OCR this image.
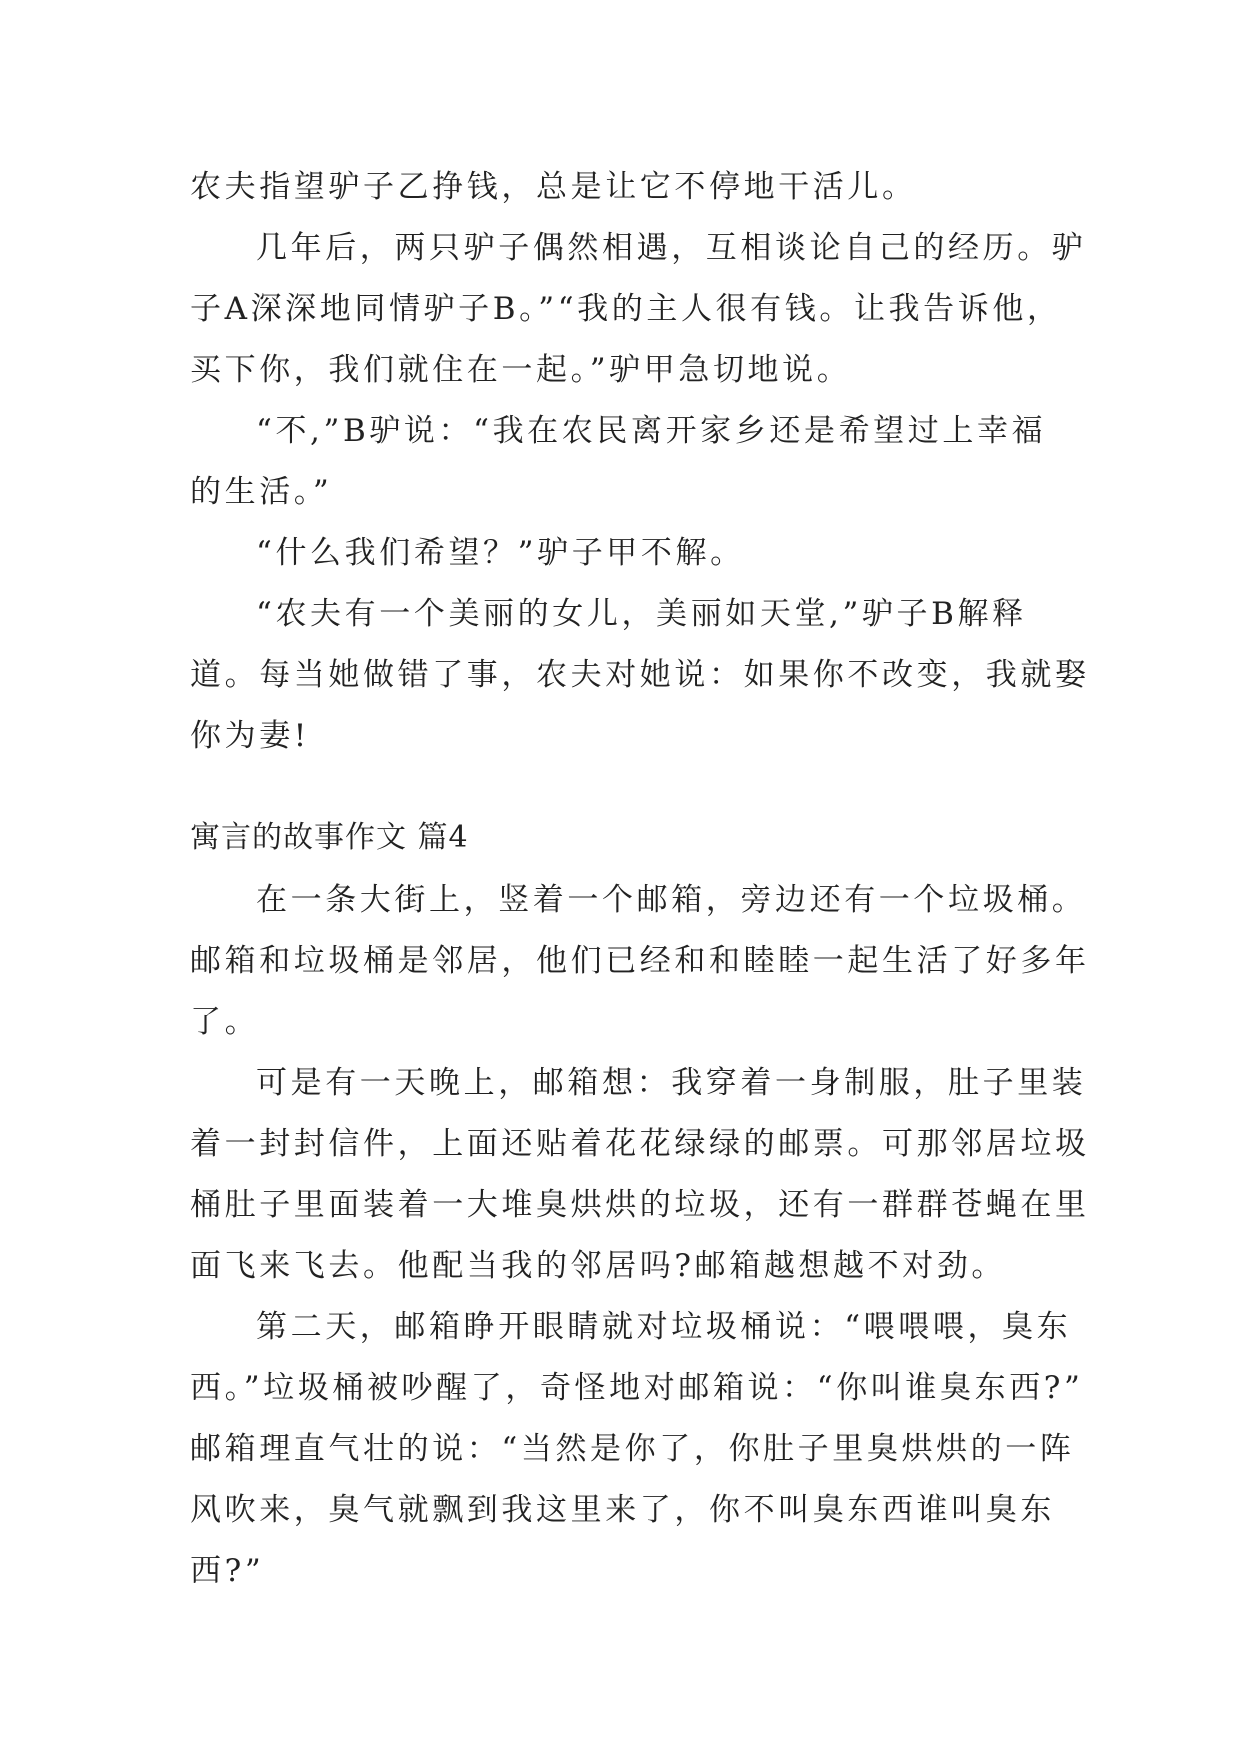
农夫指望驴子乙挣钱，总是让它不停地干活儿。
几年后，两只驴子偶然相遇，互相谈论自己的经历。驴
子A深深地同情驴子B。”“我的主人很有钱。让我告诉他，
买下你，我们就住在一起。”驴甲急切地说。
“不,”B驴说：“我在农民离开家乡还是希望过上幸福
的生活。”
“什么我们希望？”驴子甲不解。
“农夫有一个美丽的女儿，美丽如天堂,”驴子B解释
道。每当她做错了事，农夫对她说：如果你不改变，我就娶
你为妻!
寓言的故事作文 篇4
在一条大街上，竖着一个邮箱，旁边还有一个垃圾桶。
邮箱和垃圾桶是邻居，他们已经和和睦睦一起生活了好多年
了。
可是有一天晚上，邮箱想：我穿着一身制服，肚子里装
着一封封信件，上面还贴着花花绿绿的邮票。可那邻居垃圾
桶肚子里面装着一大堆臭烘烘的垃圾，还有一群群苍蝇在里
面飞来飞去。他配当我的邻居吗?邮箱越想越不对劲。
第二天，邮箱睁开眼睛就对垃圾桶说：“喂喂喂，臭东
西。”垃圾桶被吵醒了，奇怪地对邮箱说：“你叫谁臭东西?”
邮箱理直气壮的说：“当然是你了，你肚子里臭烘烘的一阵
风吹来，臭气就飘到我这里来了，你不叫臭东西谁叫臭东
西?”
